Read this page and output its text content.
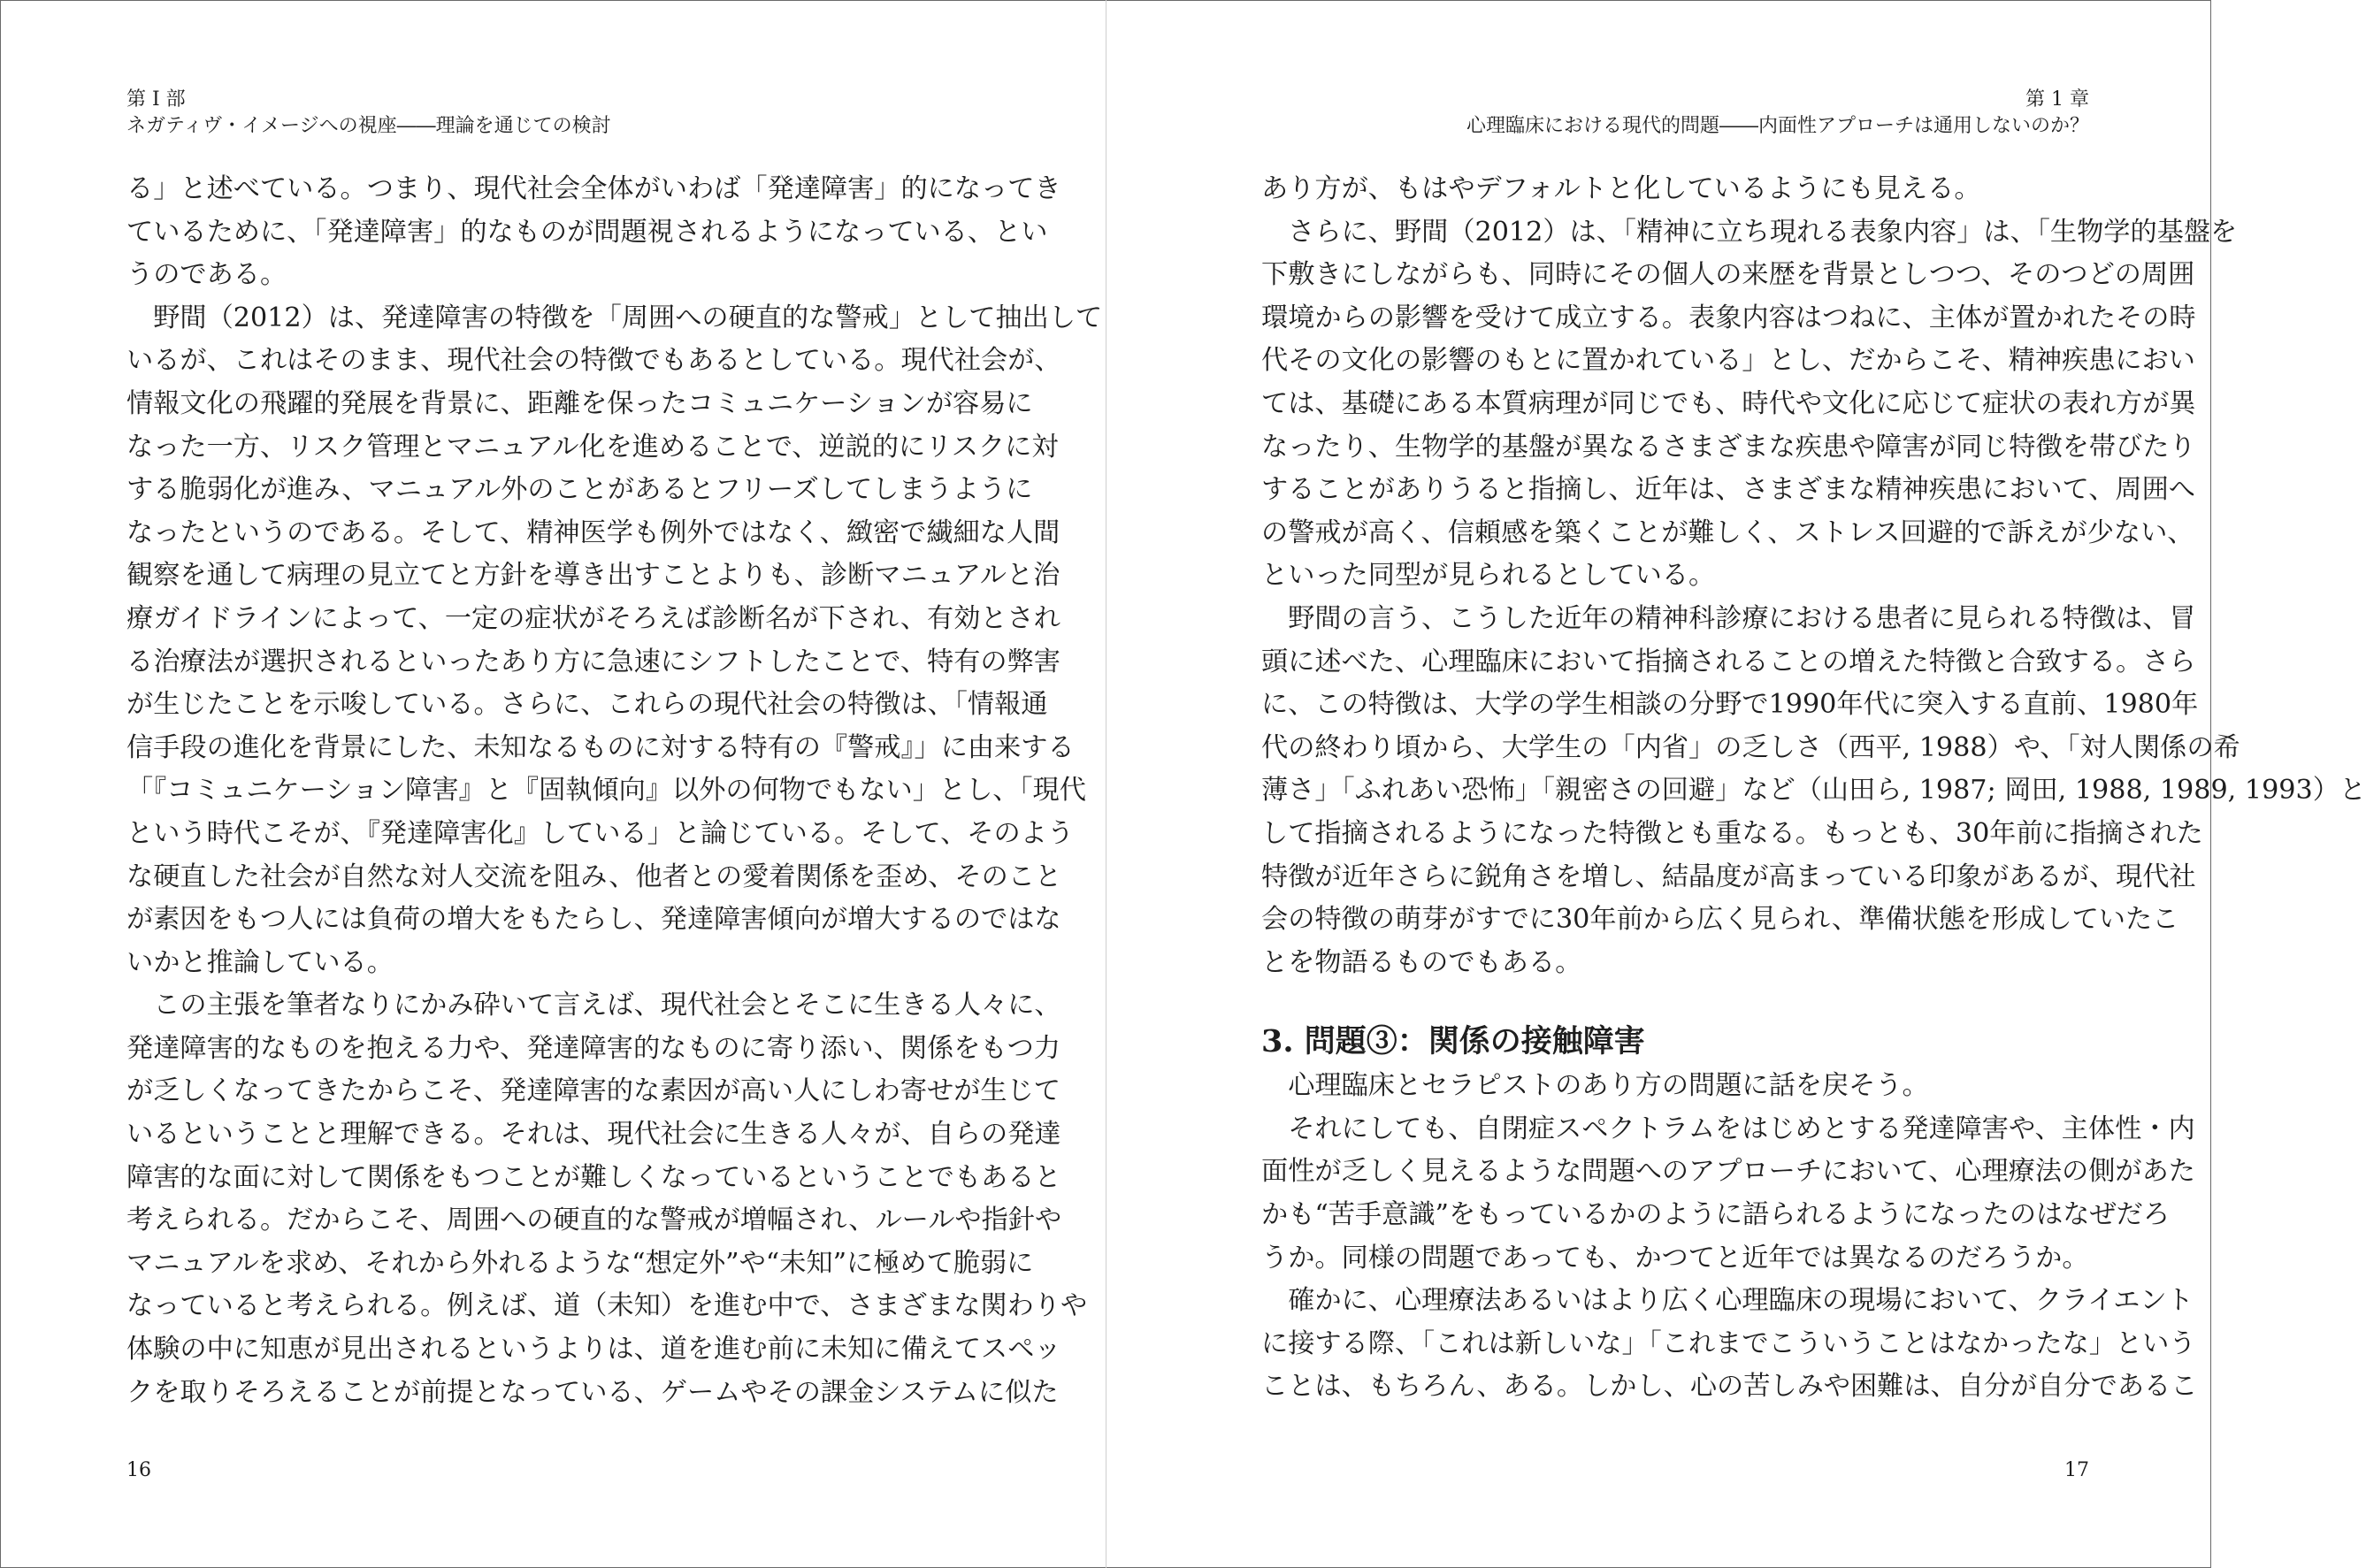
第 I 部
ネガティヴ・イメージへの視座――理論を通じての検討
る」と述べている。つまり、現代社会全体がいわば「発達障害」的になってき
ているために、「発達障害」的なものが問題視されるようになっている、とい
うのである。
　野間（2012）は、発達障害の特徴を「周囲への硬直的な警戒」として抽出して
いるが、これはそのまま、現代社会の特徴でもあるとしている。現代社会が、
情報文化の飛躍的発展を背景に、距離を保ったコミュニケーションが容易に
なった一方、リスク管理とマニュアル化を進めることで、逆説的にリスクに対
する脆弱化が進み、マニュアル外のことがあるとフリーズしてしまうように
なったというのである。そして、精神医学も例外ではなく、緻密で繊細な人間
観察を通して病理の見立てと方針を導き出すことよりも、診断マニュアルと治
療ガイドラインによって、一定の症状がそろえば診断名が下され、有効とされ
る治療法が選択されるといったあり方に急速にシフトしたことで、特有の弊害
が生じたことを示唆している。さらに、これらの現代社会の特徴は、「情報通
信手段の進化を背景にした、未知なるものに対する特有の『警戒』」に由来する
「『コミュニケーション障害』と『固執傾向』以外の何物でもない」とし、「現代
という時代こそが、『発達障害化』している」と論じている。そして、そのよう
な硬直した社会が自然な対人交流を阻み、他者との愛着関係を歪め、そのこと
が素因をもつ人には負荷の増大をもたらし、発達障害傾向が増大するのではな
いかと推論している。
　この主張を筆者なりにかみ砕いて言えば、現代社会とそこに生きる人々に、
発達障害的なものを抱える力や、発達障害的なものに寄り添い、関係をもつ力
が乏しくなってきたからこそ、発達障害的な素因が高い人にしわ寄せが生じて
いるということと理解できる。それは、現代社会に生きる人々が、自らの発達
障害的な面に対して関係をもつことが難しくなっているということでもあると
考えられる。だからこそ、周囲への硬直的な警戒が増幅され、ルールや指針や
マニュアルを求め、それから外れるような“想定外”や“未知”に極めて脆弱に
なっていると考えられる。例えば、道（未知）を進む中で、さまざまな関わりや
体験の中に知恵が見出されるというよりは、道を進む前に未知に備えてスペッ
クを取りそろえることが前提となっている、ゲームやその課金システムに似た
16
第 1 章
心理臨床における現代的問題――内面性アプローチは通用しないのか？
あり方が、もはやデフォルトと化しているようにも見える。
　さらに、野間（2012）は、「精神に立ち現れる表象内容」は、「生物学的基盤を
下敷きにしながらも、同時にその個人の来歴を背景としつつ、そのつどの周囲
環境からの影響を受けて成立する。表象内容はつねに、主体が置かれたその時
代その文化の影響のもとに置かれている」とし、だからこそ、精神疾患におい
ては、基礎にある本質病理が同じでも、時代や文化に応じて症状の表れ方が異
なったり、生物学的基盤が異なるさまざまな疾患や障害が同じ特徴を帯びたり
することがありうると指摘し、近年は、さまざまな精神疾患において、周囲へ
の警戒が高く、信頼感を築くことが難しく、ストレス回避的で訴えが少ない、
といった同型が見られるとしている。
　野間の言う、こうした近年の精神科診療における患者に見られる特徴は、冒
頭に述べた、心理臨床において指摘されることの増えた特徴と合致する。さら
に、この特徴は、大学の学生相談の分野で1990年代に突入する直前、1980年
代の終わり頃から、大学生の「内省」の乏しさ（西平, 1988）や、「対人関係の希
薄さ」「ふれあい恐怖」「親密さの回避」など（山田ら, 1987; 岡田, 1988, 1989, 1993）と
して指摘されるようになった特徴とも重なる。もっとも、30年前に指摘された
特徴が近年さらに鋭角さを増し、結晶度が高まっている印象があるが、現代社
会の特徴の萌芽がすでに30年前から広く見られ、準備状態を形成していたこ
とを物語るものでもある。
3. 問題③：関係の接触障害
　心理臨床とセラピストのあり方の問題に話を戻そう。
　それにしても、自閉症スペクトラムをはじめとする発達障害や、主体性・内
面性が乏しく見えるような問題へのアプローチにおいて、心理療法の側があた
かも“苦手意識”をもっているかのように語られるようになったのはなぜだろ
うか。同様の問題であっても、かつてと近年では異なるのだろうか。
　確かに、心理療法あるいはより広く心理臨床の現場において、クライエント
に接する際、「これは新しいな」「これまでこういうことはなかったな」という
ことは、もちろん、ある。しかし、心の苦しみや困難は、自分が自分であるこ
17
